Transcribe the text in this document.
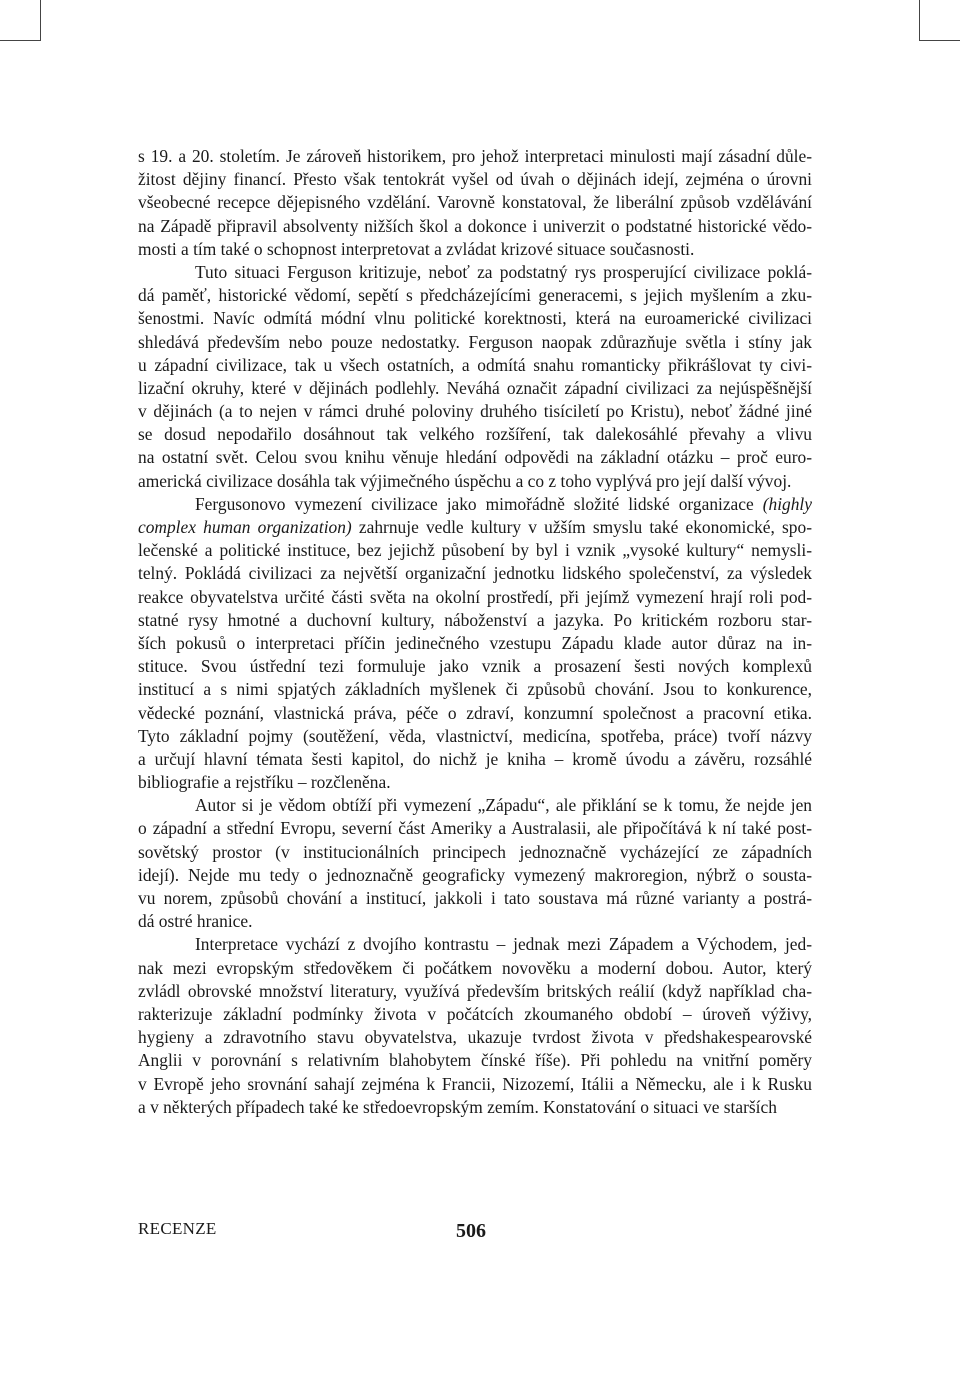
s 19. a 20. stoletím. Je zároveň historikem, pro jehož interpretaci minulosti mají zásadní důle-
žitost dějiny financí. Přesto však tentokrát vyšel od úvah o dějinách idejí, zejména o úrovni
všeobecné recepce dějepisného vzdělání. Varovně konstatoval, že liberální způsob vzdělávání
na Západě připravil absolventy nižších škol a dokonce i univerzit o podstatné historické vědo-
mosti a tím také o schopnost interpretovat a zvládat krizové situace současnosti.
Tuto situaci Ferguson kritizuje, neboť za podstatný rys prosperující civilizace poklá-
dá paměť, historické vědomí, sepětí s předcházejícími generacemi, s jejich myšlením a zku-
šenostmi. Navíc odmítá módní vlnu politické korektnosti, která na euroamerické civilizaci
shledává především nebo pouze nedostatky. Ferguson naopak zdůrazňuje světla i stíny jak
u západní civilizace, tak u všech ostatních, a odmítá snahu romanticky přikrášlovat ty civi-
lizační okruhy, které v dějinách podlehly. Neváhá označit západní civilizaci za nejúspěšnější
v dějinách (a to nejen v rámci druhé poloviny druhého tisíciletí po Kristu), neboť žádné jiné
se dosud nepodařilo dosáhnout tak velkého rozšíření, tak dalekosáhlé převahy a vlivu
na ostatní svět. Celou svou knihu věnuje hledání odpovědi na základní otázku – proč euro-
americká civilizace dosáhla tak výjimečného úspěchu a co z toho vyplývá pro její další vývoj.
Fergusonovo vymezení civilizace jako mimořádně složité lidské organizace (highly
complex human organization) zahrnuje vedle kultury v užším smyslu také ekonomické, spo-
lečenské a politické instituce, bez jejichž působení by byl i vznik „vysoké kultury“ nemysli-
telný. Pokládá civilizaci za největší organizační jednotku lidského společenství, za výsledek
reakce obyvatelstva určité části světa na okolní prostředí, při jejímž vymezení hrají roli pod-
statné rysy hmotné a duchovní kultury, náboženství a jazyka. Po kritickém rozboru star-
ších pokusů o interpretaci příčin jedinečného vzestupu Západu klade autor důraz na in-
stituce. Svou ústřední tezi formuluje jako vznik a prosazení šesti nových komplexů
institucí a s nimi spjatých základních myšlenek či způsobů chování. Jsou to konkurence,
vědecké poznání, vlastnická práva, péče o zdraví, konzumní společnost a pracovní etika.
Tyto základní pojmy (soutěžení, věda, vlastnictví, medicína, spotřeba, práce) tvoří názvy
a určují hlavní témata šesti kapitol, do nichž je kniha – kromě úvodu a závěru, rozsáhlé
bibliografie a rejstříku – rozčleněna.
Autor si je vědom obtíží při vymezení „Západu“, ale přiklání se k tomu, že nejde jen
o západní a střední Evropu, severní část Ameriky a Australasii, ale připočítává k ní také post-
sovětský prostor (v institucionálních principech jednoznačně vycházející ze západních
idejí). Nejde mu tedy o jednoznačně geograficky vymezený makroregion, nýbrž o sousta-
vu norem, způsobů chování a institucí, jakkoli i tato soustava má různé varianty a postrá-
dá ostré hranice.
Interpretace vychází z dvojího kontrastu – jednak mezi Západem a Východem, jed-
nak mezi evropským středověkem či počátkem novověku a moderní dobou. Autor, který
zvládl obrovské množství literatury, využívá především britských reálií (když například cha-
rakterizuje základní podmínky života v počátcích zkoumaného období – úroveň výživy,
hygieny a zdravotního stavu obyvatelstva, ukazuje tvrdost života v předshakespearovské
Anglii v porovnání s relativním blahobytem čínské říše). Při pohledu na vnitřní poměry
v Evropě jeho srovnání sahají zejména k Francii, Nizozemí, Itálii a Německu, ale i k Rusku
a v některých případech také ke středoevropským zemím. Konstatování o situaci ve starších
RECENZE	506
